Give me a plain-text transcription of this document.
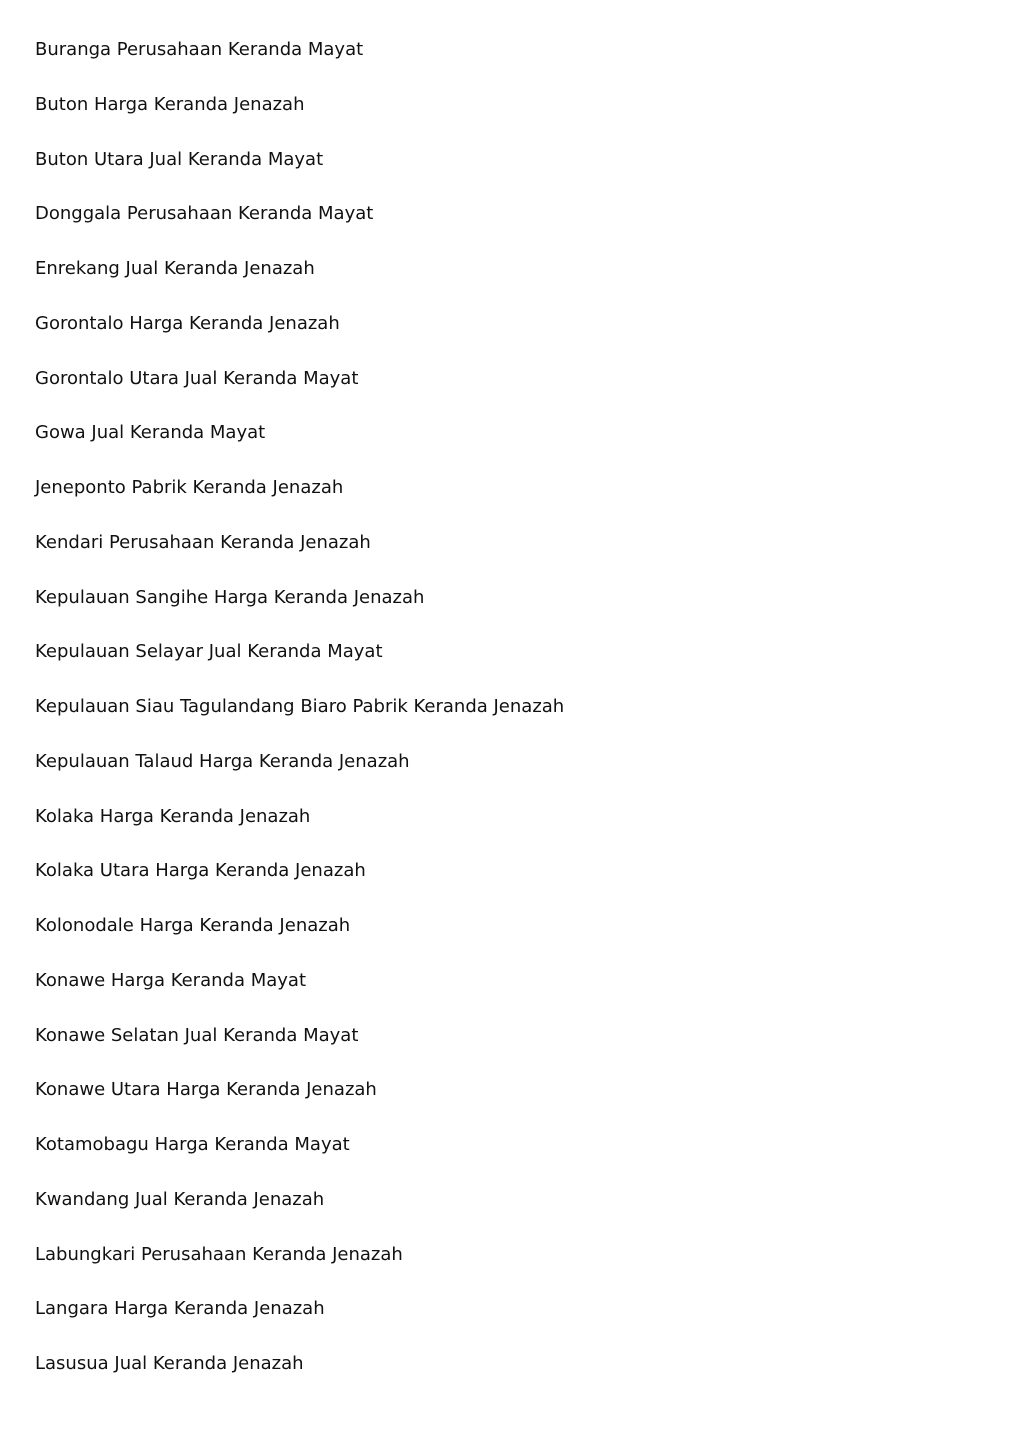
Buranga Perusahaan Keranda Mayat
Buton Harga Keranda Jenazah
Buton Utara Jual Keranda Mayat
Donggala Perusahaan Keranda Mayat
Enrekang Jual Keranda Jenazah
Gorontalo Harga Keranda Jenazah
Gorontalo Utara Jual Keranda Mayat
Gowa Jual Keranda Mayat
Jeneponto Pabrik Keranda Jenazah
Kendari Perusahaan Keranda Jenazah
Kepulauan Sangihe Harga Keranda Jenazah
Kepulauan Selayar Jual Keranda Mayat
Kepulauan Siau Tagulandang Biaro Pabrik Keranda Jenazah
Kepulauan Talaud Harga Keranda Jenazah
Kolaka Harga Keranda Jenazah
Kolaka Utara Harga Keranda Jenazah
Kolonodale Harga Keranda Jenazah
Konawe Harga Keranda Mayat
Konawe Selatan Jual Keranda Mayat
Konawe Utara Harga Keranda Jenazah
Kotamobagu Harga Keranda Mayat
Kwandang Jual Keranda Jenazah
Labungkari Perusahaan Keranda Jenazah
Langara Harga Keranda Jenazah
Lasusua Jual Keranda Jenazah
